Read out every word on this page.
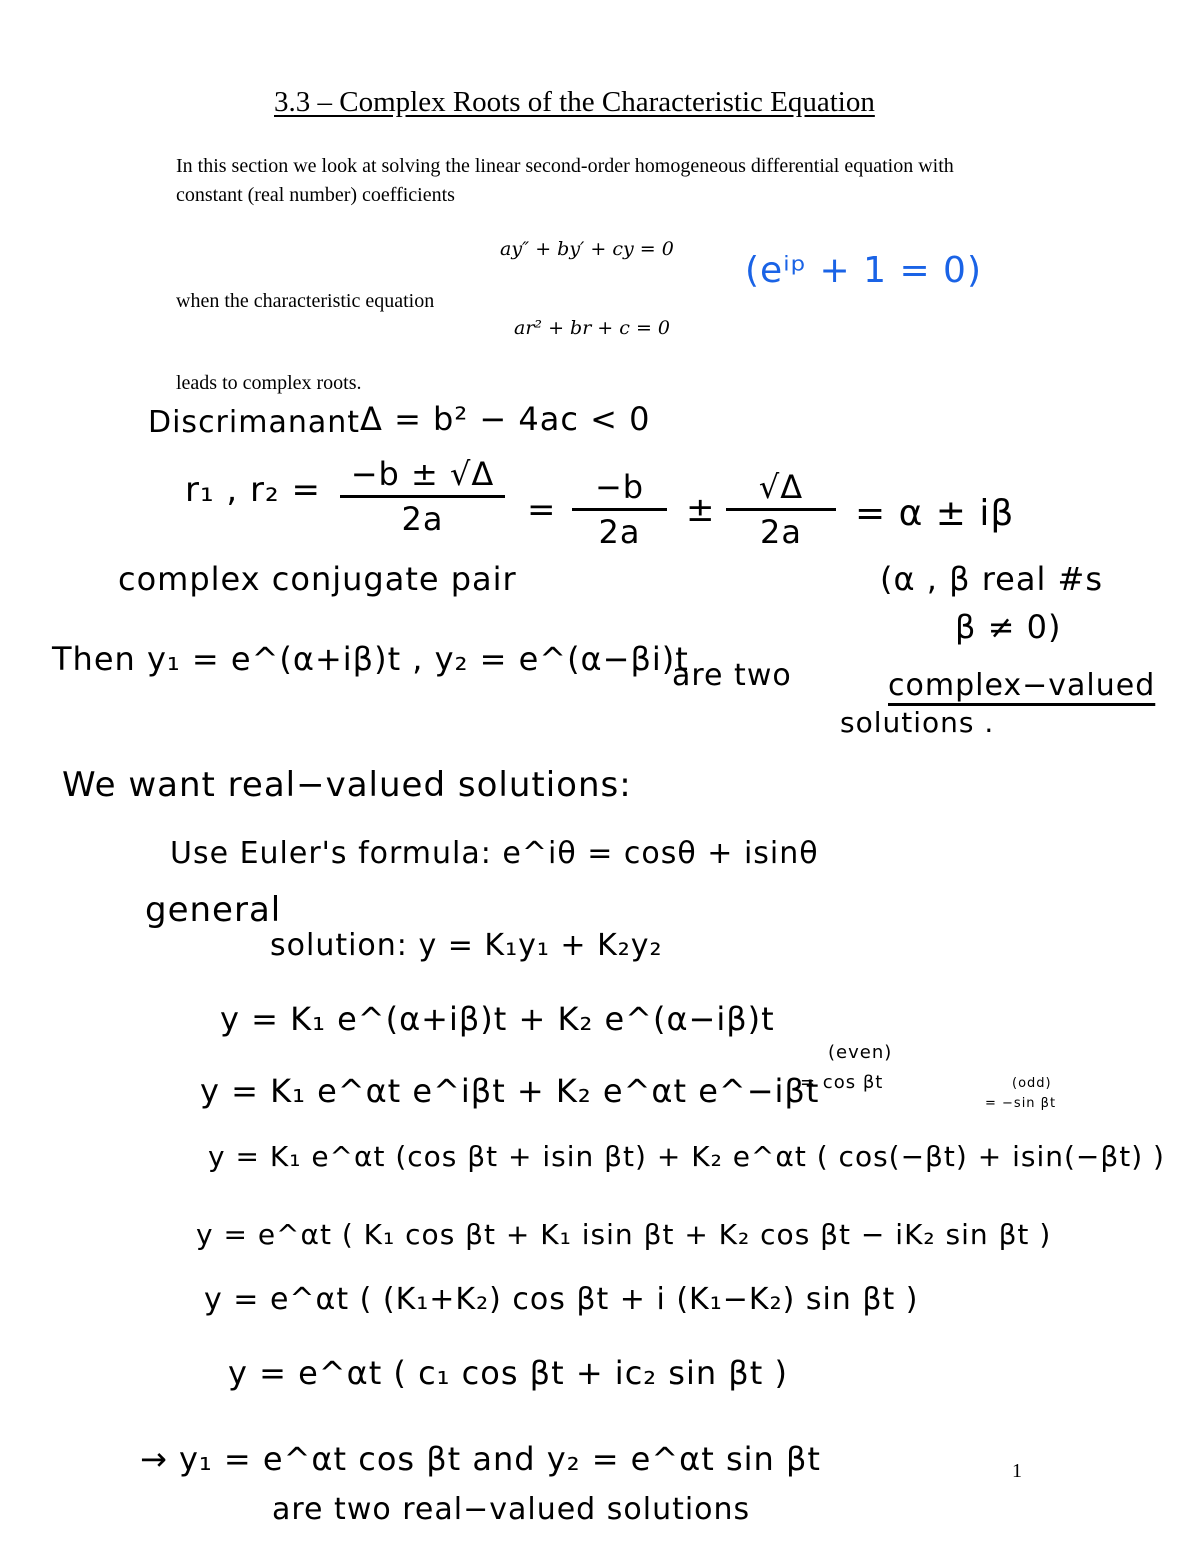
3.3 – Complex Roots of the Characteristic Equation
In this section we look at solving the linear second-order homogeneous differential equation with constant (real number) coefficients
ay″ + by′ + cy = 0
(eⁱᵖ + 1 = 0)
when the characteristic equation
ar² + br + c = 0
leads to complex roots.
Discrimanant Δ = b² − 4ac < 0
r₁ , $r_2 = \frac{-b \pm √\Delta}{2a} = \frac{-b}{2a} \pm \frac{√\Delta}{2a} = \alpha \pm i\beta$
complex conjugate pair	(α , β real #s
β ≠ 0)
Then y₁ = e^(α+iβ)t , y₂ = e^(α−βi)t
are two	complex−valued
solutions .
We want real−valued solutions:
Use Euler's formula: e^iθ = cosθ + isinθ
general
solution: y = K₁y₁ + K₂y₂
y = K₁ e^(α+iβ)t + K₂ e^(α−iβ)t
(even)
= cos βt	(odd)
= −sin βt
y = K₁ e^αt e^iβt + K₂ e^αt e^−iβt
y = K₁ e^αt (cos βt + isin βt) + K₂ e^αt ( cos(−βt) + isin(−βt) )
y = e^αt ( K₁ cos βt + K₁ isin βt + K₂ cos βt − iK₂ sin βt )
y = e^αt ( (K₁+K₂) cos βt + i (K₁−K₂) sin βt )
y = e^αt ( c₁ cos βt + ic₂ sin βt )
→ y₁ = e^αt cos βt and y₂ = e^αt sin βt
are two real−valued solutions
1
